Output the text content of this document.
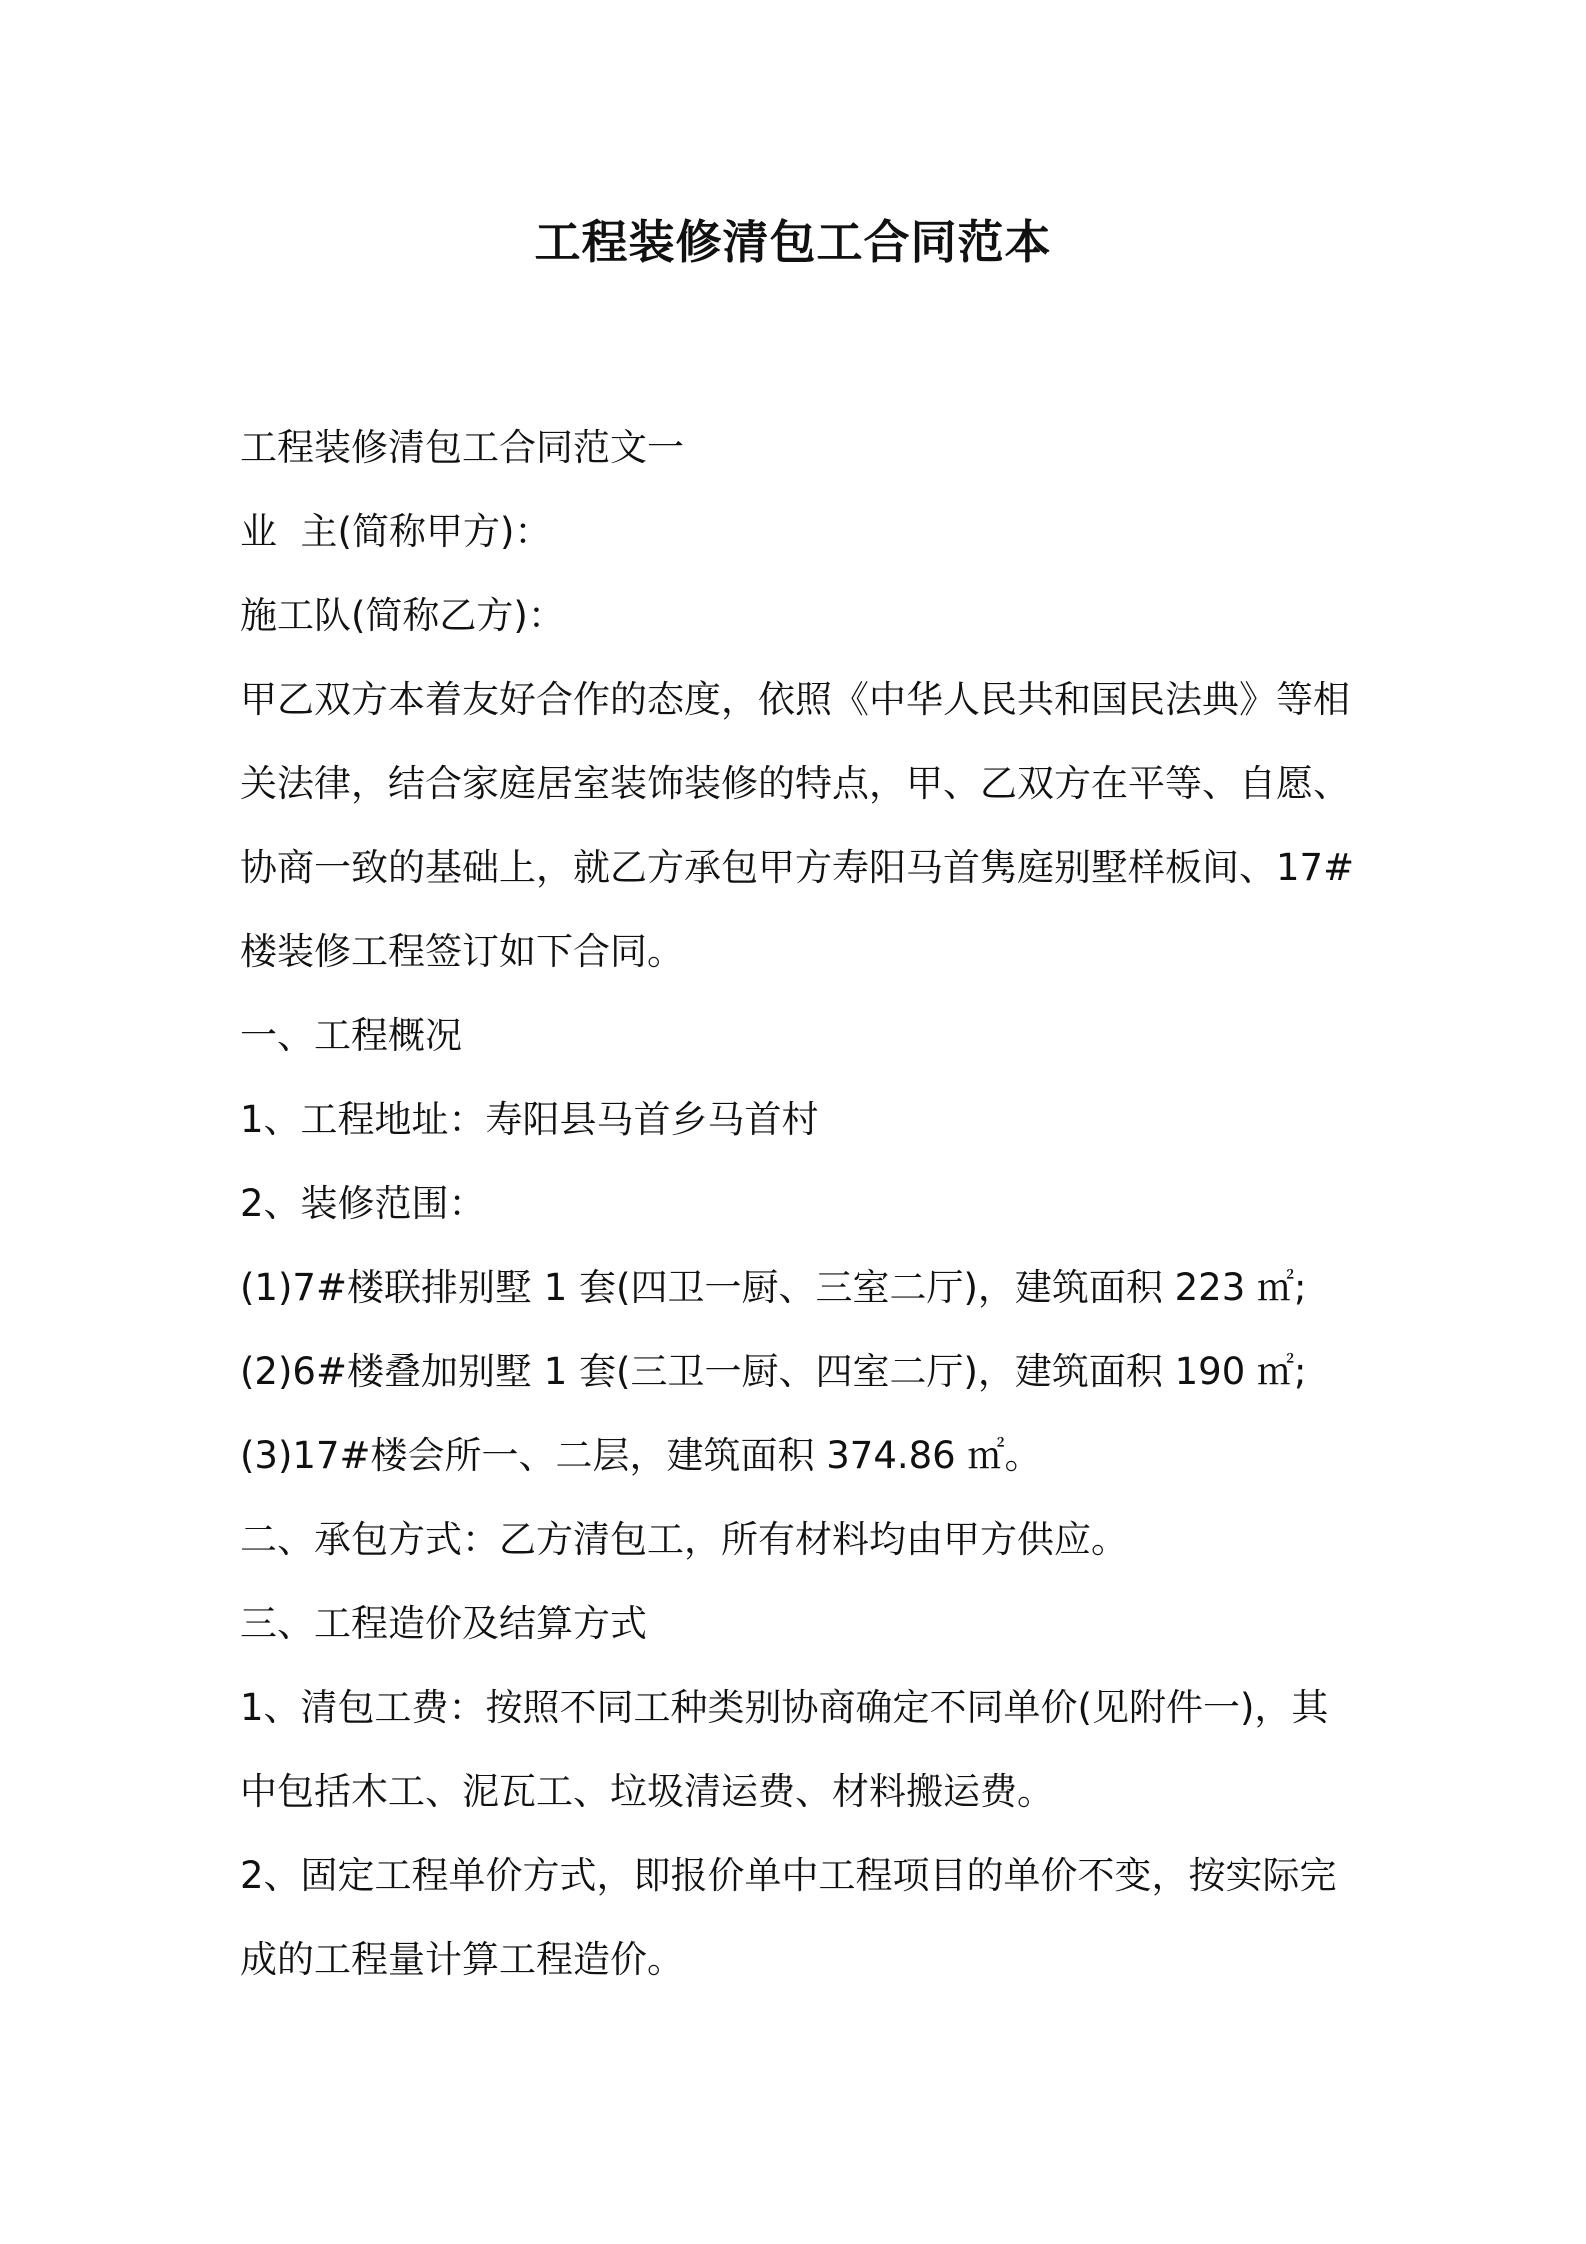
工程装修清包工合同范本

工程装修清包工合同范文一

业  主(简称甲方)：

施工队(简称乙方)：

甲乙双方本着友好合作的态度，依照《中华人民共和国民法典》等相

关法律，结合家庭居室装饰装修的特点，甲、乙双方在平等、自愿、

协商一致的基础上，就乙方承包甲方寿阳马首隽庭别墅样板间、17#

楼装修工程签订如下合同。

一、工程概况

1、工程地址：寿阳县马首乡马首村

2、装修范围：

(1)7#楼联排别墅 1 套(四卫一厨、三室二厅)，建筑面积 223 ㎡;

(2)6#楼叠加别墅 1 套(三卫一厨、四室二厅)，建筑面积 190 ㎡;

(3)17#楼会所一、二层，建筑面积 374.86 ㎡。

二、承包方式：乙方清包工，所有材料均由甲方供应。

三、工程造价及结算方式

1、清包工费：按照不同工种类别协商确定不同单价(见附件一)，其

中包括木工、泥瓦工、垃圾清运费、材料搬运费。

2、固定工程单价方式，即报价单中工程项目的单价不变，按实际完

成的工程量计算工程造价。
